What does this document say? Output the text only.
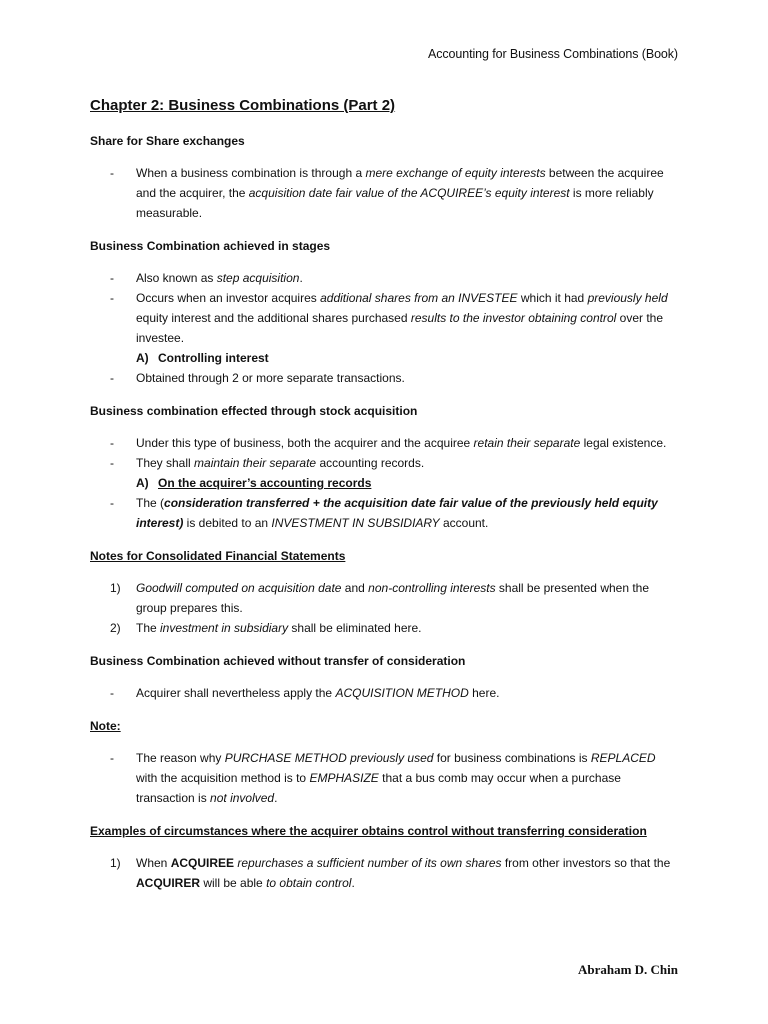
Accounting for Business Combinations (Book)
Chapter 2: Business Combinations (Part 2)
Share for Share exchanges
- When a business combination is through a mere exchange of equity interests between the acquiree and the acquirer, the acquisition date fair value of the ACQUIREE’s equity interest is more reliably measurable.
Business Combination achieved in stages
- Also known as step acquisition.
- Occurs when an investor acquires additional shares from an INVESTEE which it had previously held equity interest and the additional shares purchased results to the investor obtaining control over the investee.
A) Controlling interest
- Obtained through 2 or more separate transactions.
Business combination effected through stock acquisition
- Under this type of business, both the acquirer and the acquiree retain their separate legal existence.
- They shall maintain their separate accounting records.
A) On the acquirer’s accounting records
- The (consideration transferred + the acquisition date fair value of the previously held equity interest) is debited to an INVESTMENT IN SUBSIDIARY account.
Notes for Consolidated Financial Statements
1) Goodwill computed on acquisition date and non-controlling interests shall be presented when the group prepares this.
2) The investment in subsidiary shall be eliminated here.
Business Combination achieved without transfer of consideration
- Acquirer shall nevertheless apply the ACQUISITION METHOD here.
Note:
- The reason why PURCHASE METHOD previously used for business combinations is REPLACED with the acquisition method is to EMPHASIZE that a bus comb may occur when a purchase transaction is not involved.
Examples of circumstances where the acquirer obtains control without transferring consideration
1) When ACQUIREE repurchases a sufficient number of its own shares from other investors so that the ACQUIRER will be able to obtain control.
Abraham D. Chin
